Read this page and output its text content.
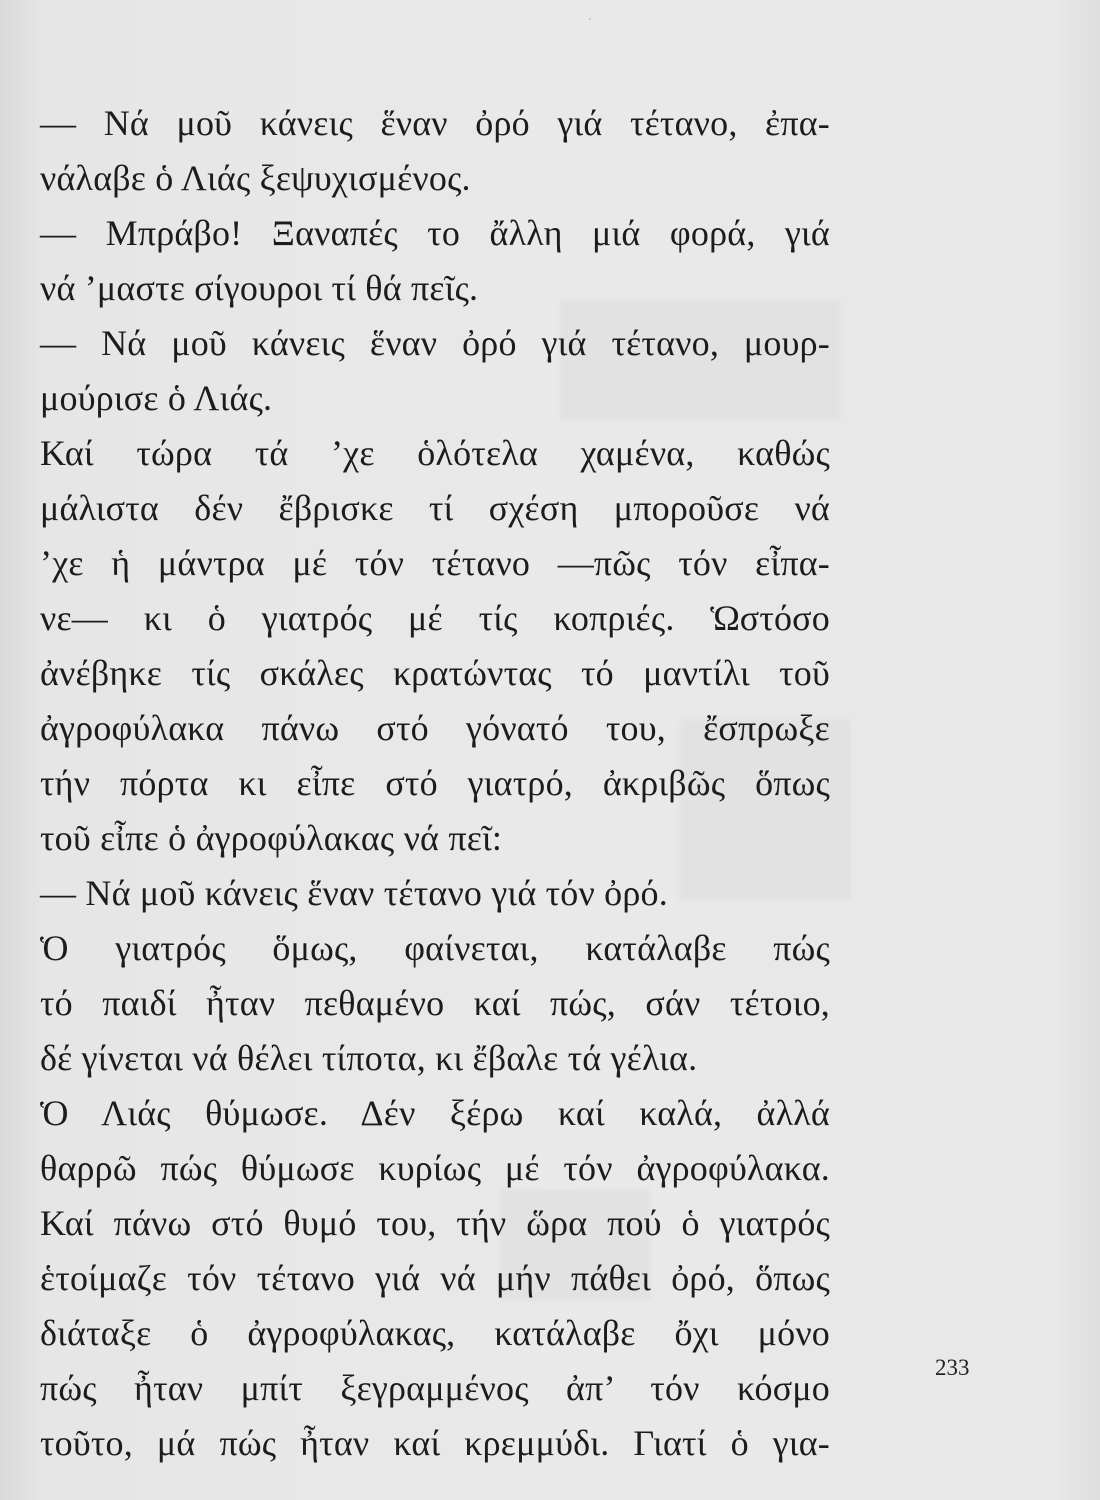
— Νά μοῦ κάνεις ἕναν ὀρό γιά τέτανο, ἐπα-
νάλαβε ὁ Λιάς ξεψυχισμένος.
— Μπράβο! Ξαναπές το ἄλλη μιά φορά, γιά
νά ’μαστε σίγουροι τί θά πεῖς.
— Νά μοῦ κάνεις ἕναν ὀρό γιά τέτανο, μουρ-
μούρισε ὁ Λιάς.
Καί τώρα τά ’χε ὁλότελα χαμένα, καθώς
μάλιστα δέν ἔβρισκε τί σχέση μποροῦσε νά
’χε ἡ μάντρα μέ τόν τέτανο —πῶς τόν εἶπα-
νε— κι ὁ γιατρός μέ τίς κοπριές. Ὡστόσο
ἀνέβηκε τίς σκάλες κρατώντας τό μαντίλι τοῦ
ἀγροφύλακα πάνω στό γόνατό του, ἔσπρωξε
τήν πόρτα κι εἶπε στό γιατρό, ἀκριβῶς ὅπως
τοῦ εἶπε ὁ ἀγροφύλακας νά πεῖ:
— Νά μοῦ κάνεις ἕναν τέτανο γιά τόν ὀρό.
Ὁ γιατρός ὅμως, φαίνεται, κατάλαβε πώς
τό παιδί ἦταν πεθαμένο καί πώς, σάν τέτοιο,
δέ γίνεται νά θέλει τίποτα, κι ἔβαλε τά γέλια.
Ὁ Λιάς θύμωσε. Δέν ξέρω καί καλά, ἀλλά
θαρρῶ πώς θύμωσε κυρίως μέ τόν ἀγροφύλακα.
Καί πάνω στό θυμό του, τήν ὥρα πού ὁ γιατρός
ἑτοίμαζε τόν τέτανο γιά νά μήν πάθει ὀρό, ὅπως
διάταξε ὁ ἀγροφύλακας, κατάλαβε ὄχι μόνο
πώς ἦταν μπίτ ξεγραμμένος ἀπ’ τόν κόσμο
τοῦτο, μά πώς ἦταν καί κρεμμύδι. Γιατί ὁ για-
233
